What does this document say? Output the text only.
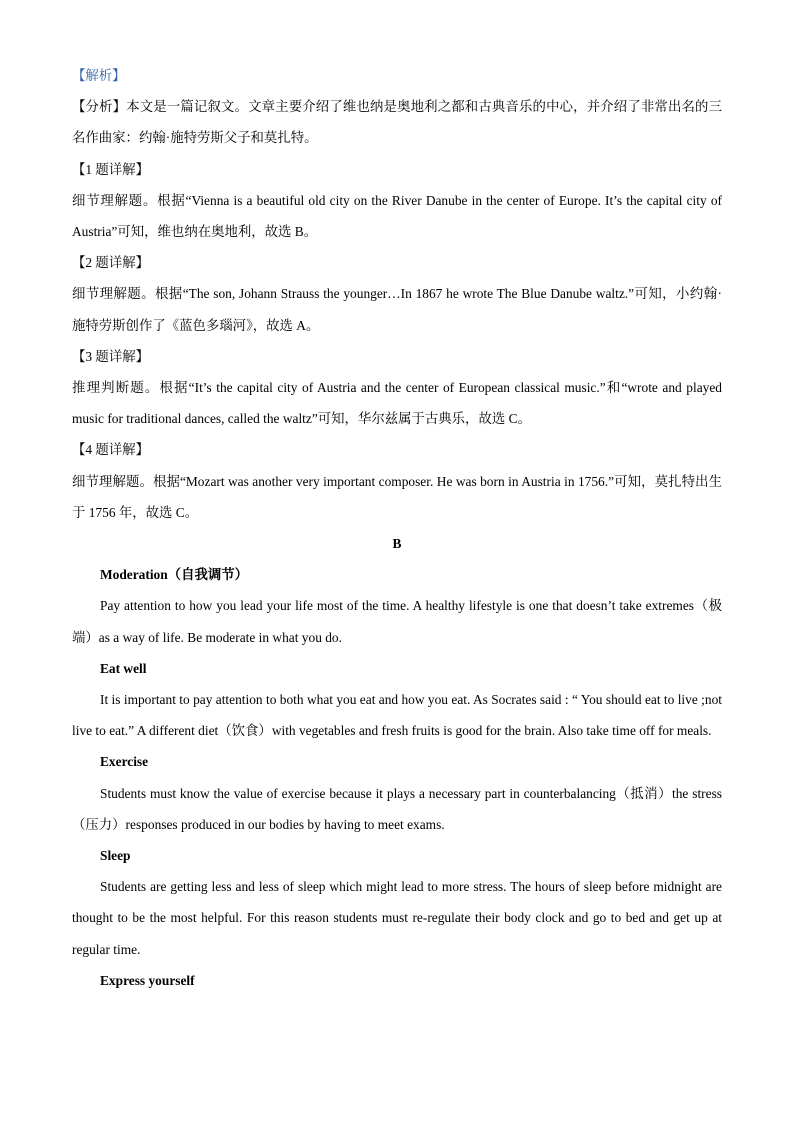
【解析】

【分析】本文是一篇记叙文。文章主要介绍了维也纳是奥地利之都和古典音乐的中心，并介绍了非常出名的三名作曲家：约翰·施特劳斯父子和莫扎特。

【1 题详解】

细节理解题。根据“Vienna is a beautiful old city on the River Danube in the center of Europe. It’s the capital city of Austria”可知，维也纳在奥地利，故选 B。

【2 题详解】

细节理解题。根据“The son, Johann Strauss the younger…In 1867 he wrote The Blue Danube waltz.”可知，小约翰·施特劳斯创作了《蓝色多瑙河》，故选 A。

【3 题详解】

推理判断题。根据“It’s the capital city of Austria and the center of European classical music.”和“wrote and played music for traditional dances, called the waltz”可知，华尔兹属于古典乐，故选 C。

【4 题详解】

细节理解题。根据“Mozart was another very important composer. He was born in Austria in 1756.”可知，莫扎特出生于 1756 年，故选 C。

B

Moderation（自我调节）

Pay attention to how you lead your life most of the time. A healthy lifestyle is one that doesn’t take extremes（极端）as a way of life. Be moderate in what you do.

Eat well

It is important to pay attention to both what you eat and how you eat. As Socrates said : “ You should eat to live ;not live to eat.” A different diet（饮食）with vegetables and fresh fruits is good for the brain. Also take time off for meals.

Exercise

Students must know the value of exercise because it plays a necessary part in counterbalancing（抵消）the stress（压力）responses produced in our bodies by having to meet exams.

Sleep

Students are getting less and less of sleep which might lead to more stress. The hours of sleep before midnight are thought to be the most helpful. For this reason students must re-regulate their body clock and go to bed and get up at regular time.

Express yourself
